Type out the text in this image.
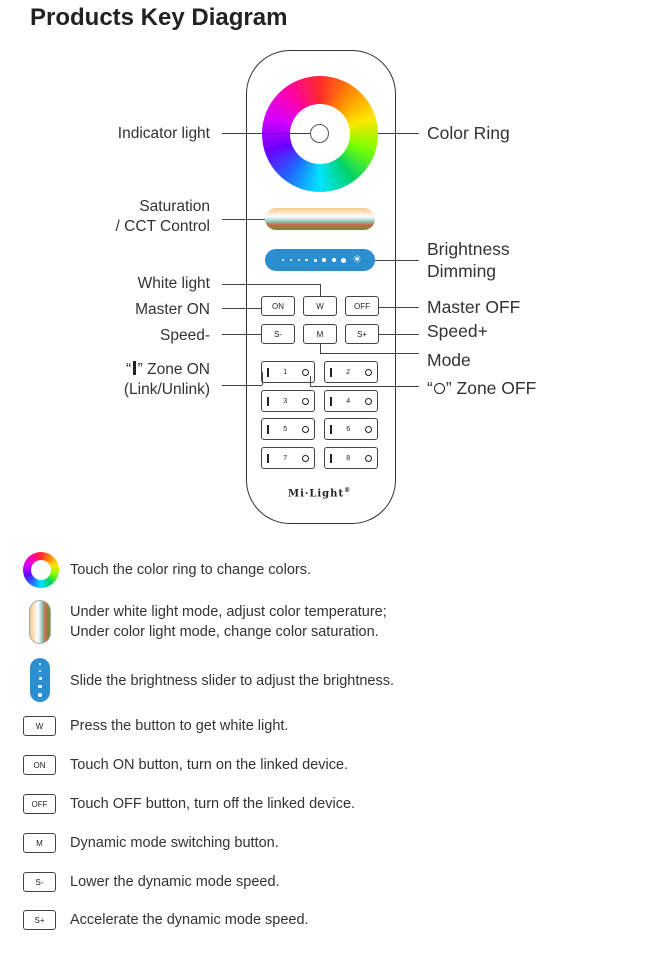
Products Key Diagram
☀
ON	W	OFF
S-	M	S+
1	2
3	4
5	6
7	8
Mi·Light®
Indicator light
Saturation
/ CCT Control
White light
Master ON
Speed-
“ ” Zone ON
(Link/Unlink)
Color Ring
Brightness
Dimming
Master OFF
Speed+
Mode
“ ” Zone OFF
Touch the color ring to change colors.
Under white light mode, adjust color temperature;
Under color light mode, change color saturation.
Slide the brightness slider to adjust the brightness.
W	Press the button to get white light.
ON	Touch ON button, turn on the linked device.
OFF	Touch OFF button, turn off the linked device.
M	Dynamic mode switching button.
S-	Lower the dynamic mode speed.
S+	Accelerate the dynamic mode speed.
